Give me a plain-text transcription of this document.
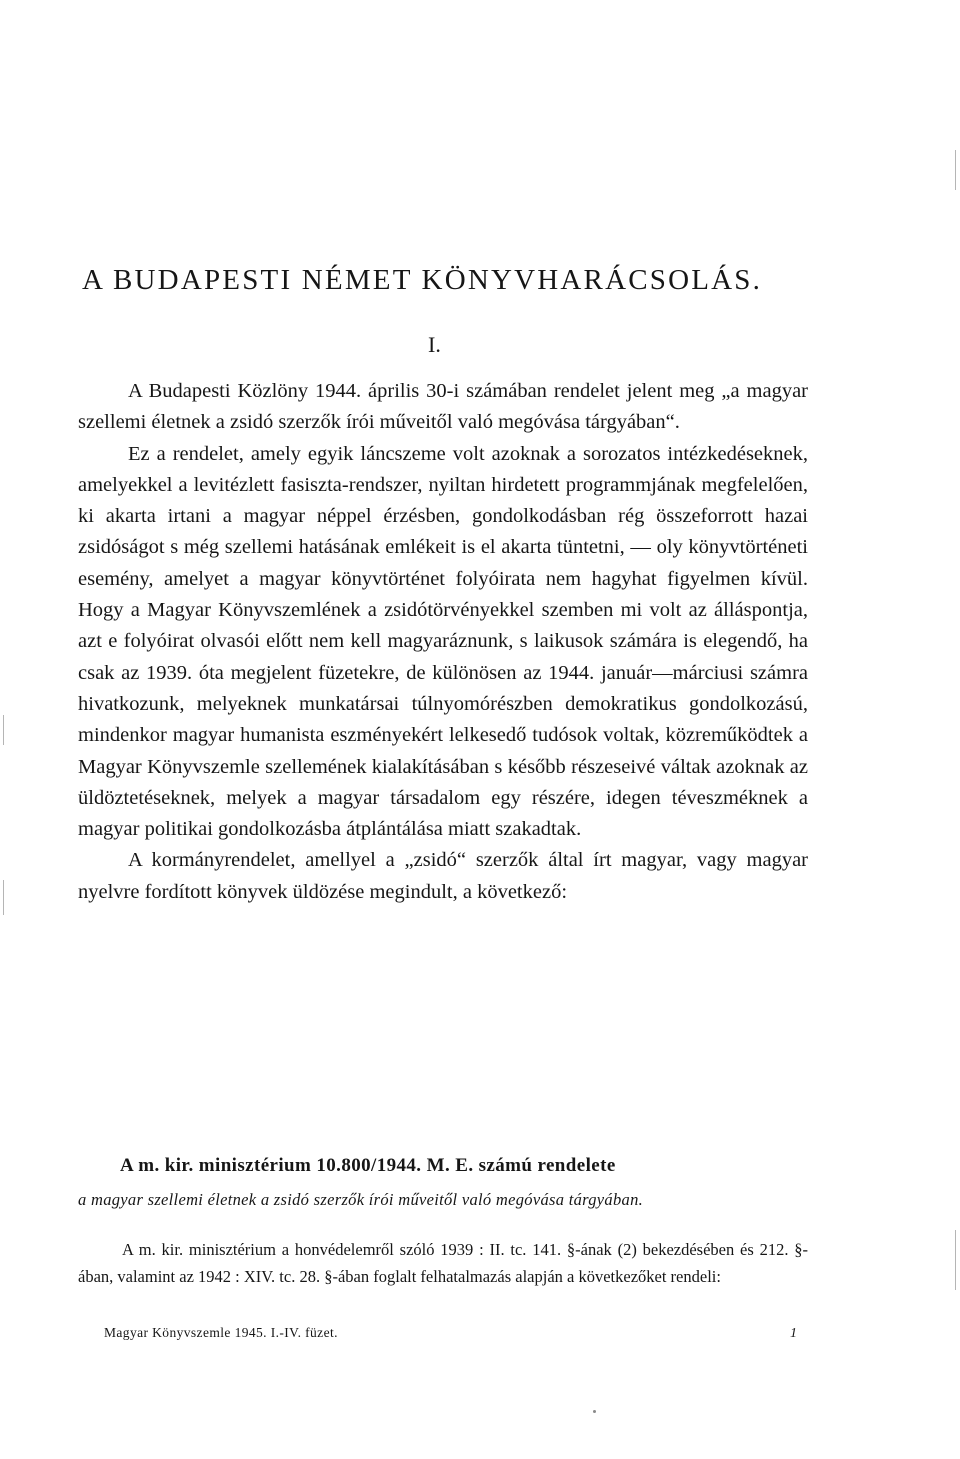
A BUDAPESTI NÉMET KÖNYVHARÁCSOLÁS.
I.

A Budapesti Közlöny 1944. április 30-i számában rendelet jelent meg „a magyar szellemi életnek a zsidó szerzők írói műveitől való megóvása tárgyában“.

Ez a rendelet, amely egyik láncszeme volt azoknak a sorozatos intézkedéseknek, amelyekkel a levitézlett fasiszta-rendszer, nyiltan hirdetett programmjának megfelelően, ki akarta irtani a magyar néppel érzésben, gondolkodásban rég összeforrott hazai zsidóságot s még szellemi hatásának emlékeit is el akarta tüntetni, — oly könyvtörténeti esemény, amelyet a magyar könyvtörténet folyóirata nem hagyhat figyelmen kívül. Hogy a Magyar Könyvszemlének a zsidótörvényekkel szemben mi volt az álláspontja, azt e folyóirat olvasói előtt nem kell magyaráznunk, s laikusok számára is elegendő, ha csak az 1939. óta megjelent füzetekre, de különösen az 1944. január—márciusi számra hivatkozunk, melyeknek munkatársai túlnyomórészben demokratikus gondolkozású, mindenkor magyar humanista eszményekért lelkesedő tudósok voltak, közreműködtek a Magyar Könyvszemle szellemének kialakításában s később részeseivé váltak azoknak az üldöztetéseknek, melyek a magyar társadalom egy részére, idegen téveszméknek a magyar politikai gondolkozásba átplántálása miatt szakadtak.

A kormányrendelet, amellyel a „zsidó“ szerzők által írt magyar, vagy magyar nyelvre fordított könyvek üldözése megindult, a következő:

A m. kir. minisztérium 10.800/1944. M. E. számú rendelete
a magyar szellemi életnek a zsidó szerzők írói műveitől való megóvása tárgyában.

A m. kir. minisztérium a honvédelemről szóló 1939 : II. tc. 141. §-ának (2) bekezdésében és 212. §-ában, valamint az 1942 : XIV. tc. 28. §-ában foglalt felhatalmazás alapján a következőket rendeli:

Magyar Könyvszemle 1945. I.-IV. füzet.	1
